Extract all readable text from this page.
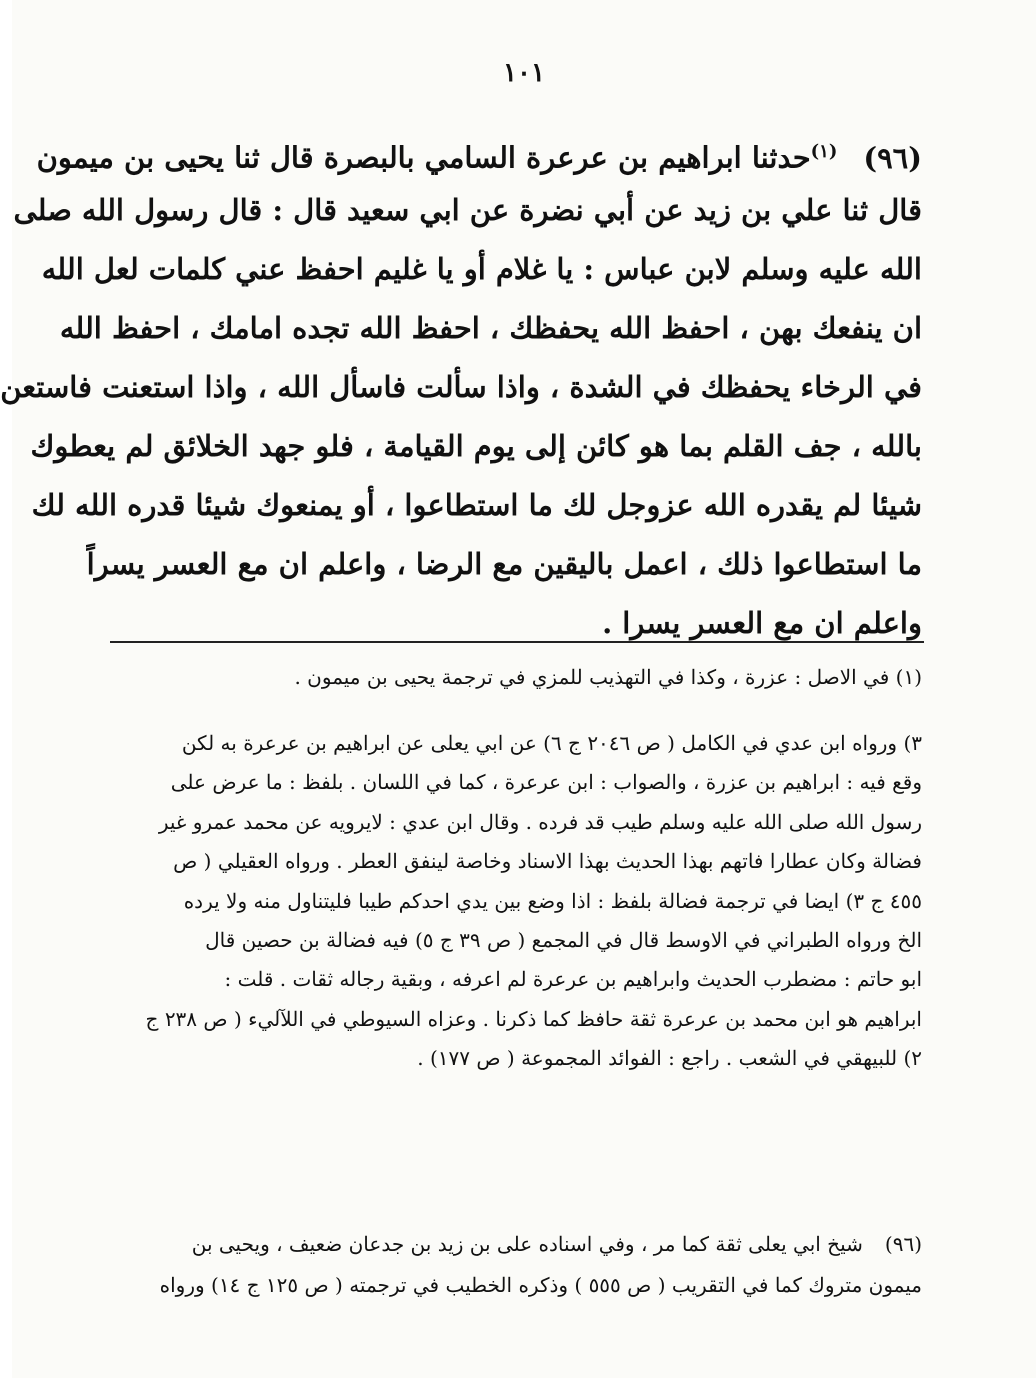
١٠١
(٩٦)$^{(١)}$حدثنا ابراهيم بن عرعرة السامي بالبصرة قال ثنا يحيى بن ميمون
قال ثنا علي بن زيد عن أبي نضرة عن ابي سعيد قال : قال رسول الله صلى
الله عليه وسلم لابن عباس : يا غلام أو يا غليم احفظ عني كلمات لعل الله
ان ينفعك بهن ، احفظ الله يحفظك ، احفظ الله تجده امامك ، احفظ الله
في الرخاء يحفظك في الشدة ، واذا سألت فاسأل الله ، واذا استعنت فاستعن
بالله ، جف القلم بما هو كائن إلى يوم القيامة ، فلو جهد الخلائق لم يعطوك
شيئا لم يقدره الله عزوجل لك ما استطاعوا ، أو يمنعوك شيئا قدره الله لك
ما استطاعوا ذلك ، اعمل باليقين مع الرضا ، واعلم ان مع العسر يسراً
واعلم ان مع العسر يسرا .
(١) في الاصل : عزرة ، وكذا في التهذيب للمزي في ترجمة يحيى بن ميمون .
٣) ورواه ابن عدي في الكامل ( ص ٢٠٤٦ ج ٦) عن ابي يعلى عن ابراهيم بن عرعرة به لكن
وقع فيه : ابراهيم بن عزرة ، والصواب : ابن عرعرة ، كما في اللسان . بلفظ : ما عرض على
رسول الله صلى الله عليه وسلم طيب قد فرده . وقال ابن عدي : لايرويه عن محمد عمرو غير
فضالة وكان عطارا فاتهم بهذا الحديث بهذا الاسناد وخاصة لينفق العطر . ورواه العقيلي ( ص
٤٥٥ ج ٣) ايضا في ترجمة فضالة بلفظ : اذا وضع بين يدي احدكم طيبا فليتناول منه ولا يرده
الخ ورواه الطبراني في الاوسط قال في المجمع ( ص ٣٩ ج ٥) فيه فضالة بن حصين قال
ابو حاتم : مضطرب الحديث وابراهيم بن عرعرة لم اعرفه ، وبقية رجاله ثقات . قلت :
ابراهيم هو ابن محمد بن عرعرة ثقة حافظ كما ذكرنا . وعزاه السيوطي في اللآليء ( ص ٢٣٨ ج
٢) للبيهقي في الشعب . راجع : الفوائد المجموعة ( ص ١٧٧) .
(٩٦)شيخ ابي يعلى ثقة كما مر ، وفي اسناده على بن زيد بن جدعان ضعيف ، ويحيى بن
ميمون متروك كما في التقريب ( ص ٥٥٥ ) وذكره الخطيب في ترجمته ( ص ١٢٥ ج ١٤) ورواه
